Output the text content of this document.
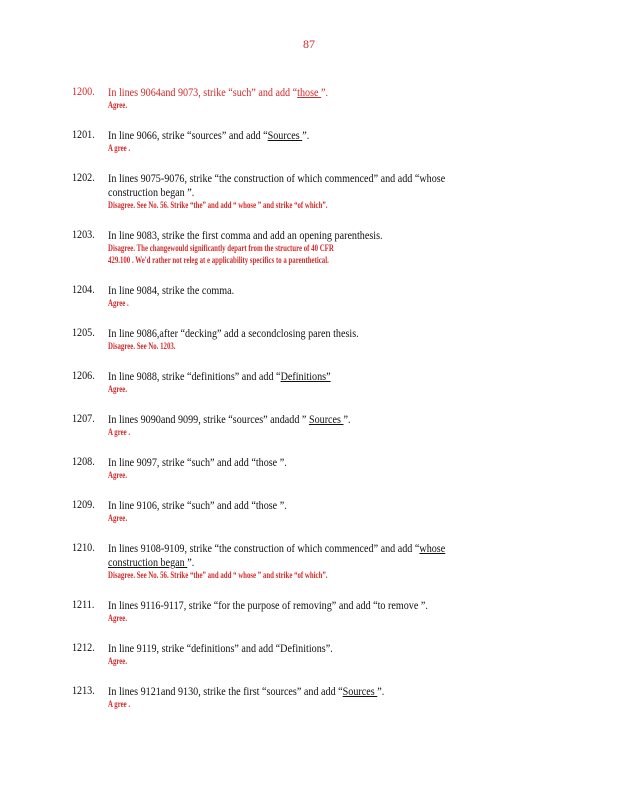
87
1200.	In lines 9064and 9073, strike “such” and add “those ”.
Agree.
1201.	In line 9066, strike “sources” and add “Sources ”.
A gree .
1202.	In lines 9075-9076, strike “the construction of which commenced” and add “whose
construction began ”.
Disagree. See No. 56. Strike “the” and add “ whose ” and strike “of which”.
1203.	In line 9083, strike the first comma and add an opening parenthesis.
Disagree. The changewould significantly depart from the structure of 40 CFR
429.100 . We'd rather not releg at e applicability specifics to a parenthetical.
1204.	In line 9084, strike the comma.
Agree .
1205.	In line 9086,after “decking” add a secondclosing paren thesis.
Disagree. See No. 1203.
1206.	In line 9088, strike “definitions” and add “Definitions”
Agree.
1207.	In lines 9090and 9099, strike “sources” andadd ” Sources ”.
A gree .
1208.	In line 9097, strike “such” and add “those ”.
Agree.
1209.	In line 9106, strike “such” and add “those ”.
Agree.
1210.	In lines 9108-9109, strike “the construction of which commenced” and add “whose
construction began ”.
Disagree. See No. 56. Strike “the” and add “ whose ” and strike “of which”.
1211.	In lines 9116-9117, strike “for the purpose of removing” and add “to remove ”.
Agree.
1212.	In line 9119, strike “definitions” and add “Definitions”.
Agree.
1213.	In lines 9121and 9130, strike the first “sources” and add “Sources ”.
A gree .
